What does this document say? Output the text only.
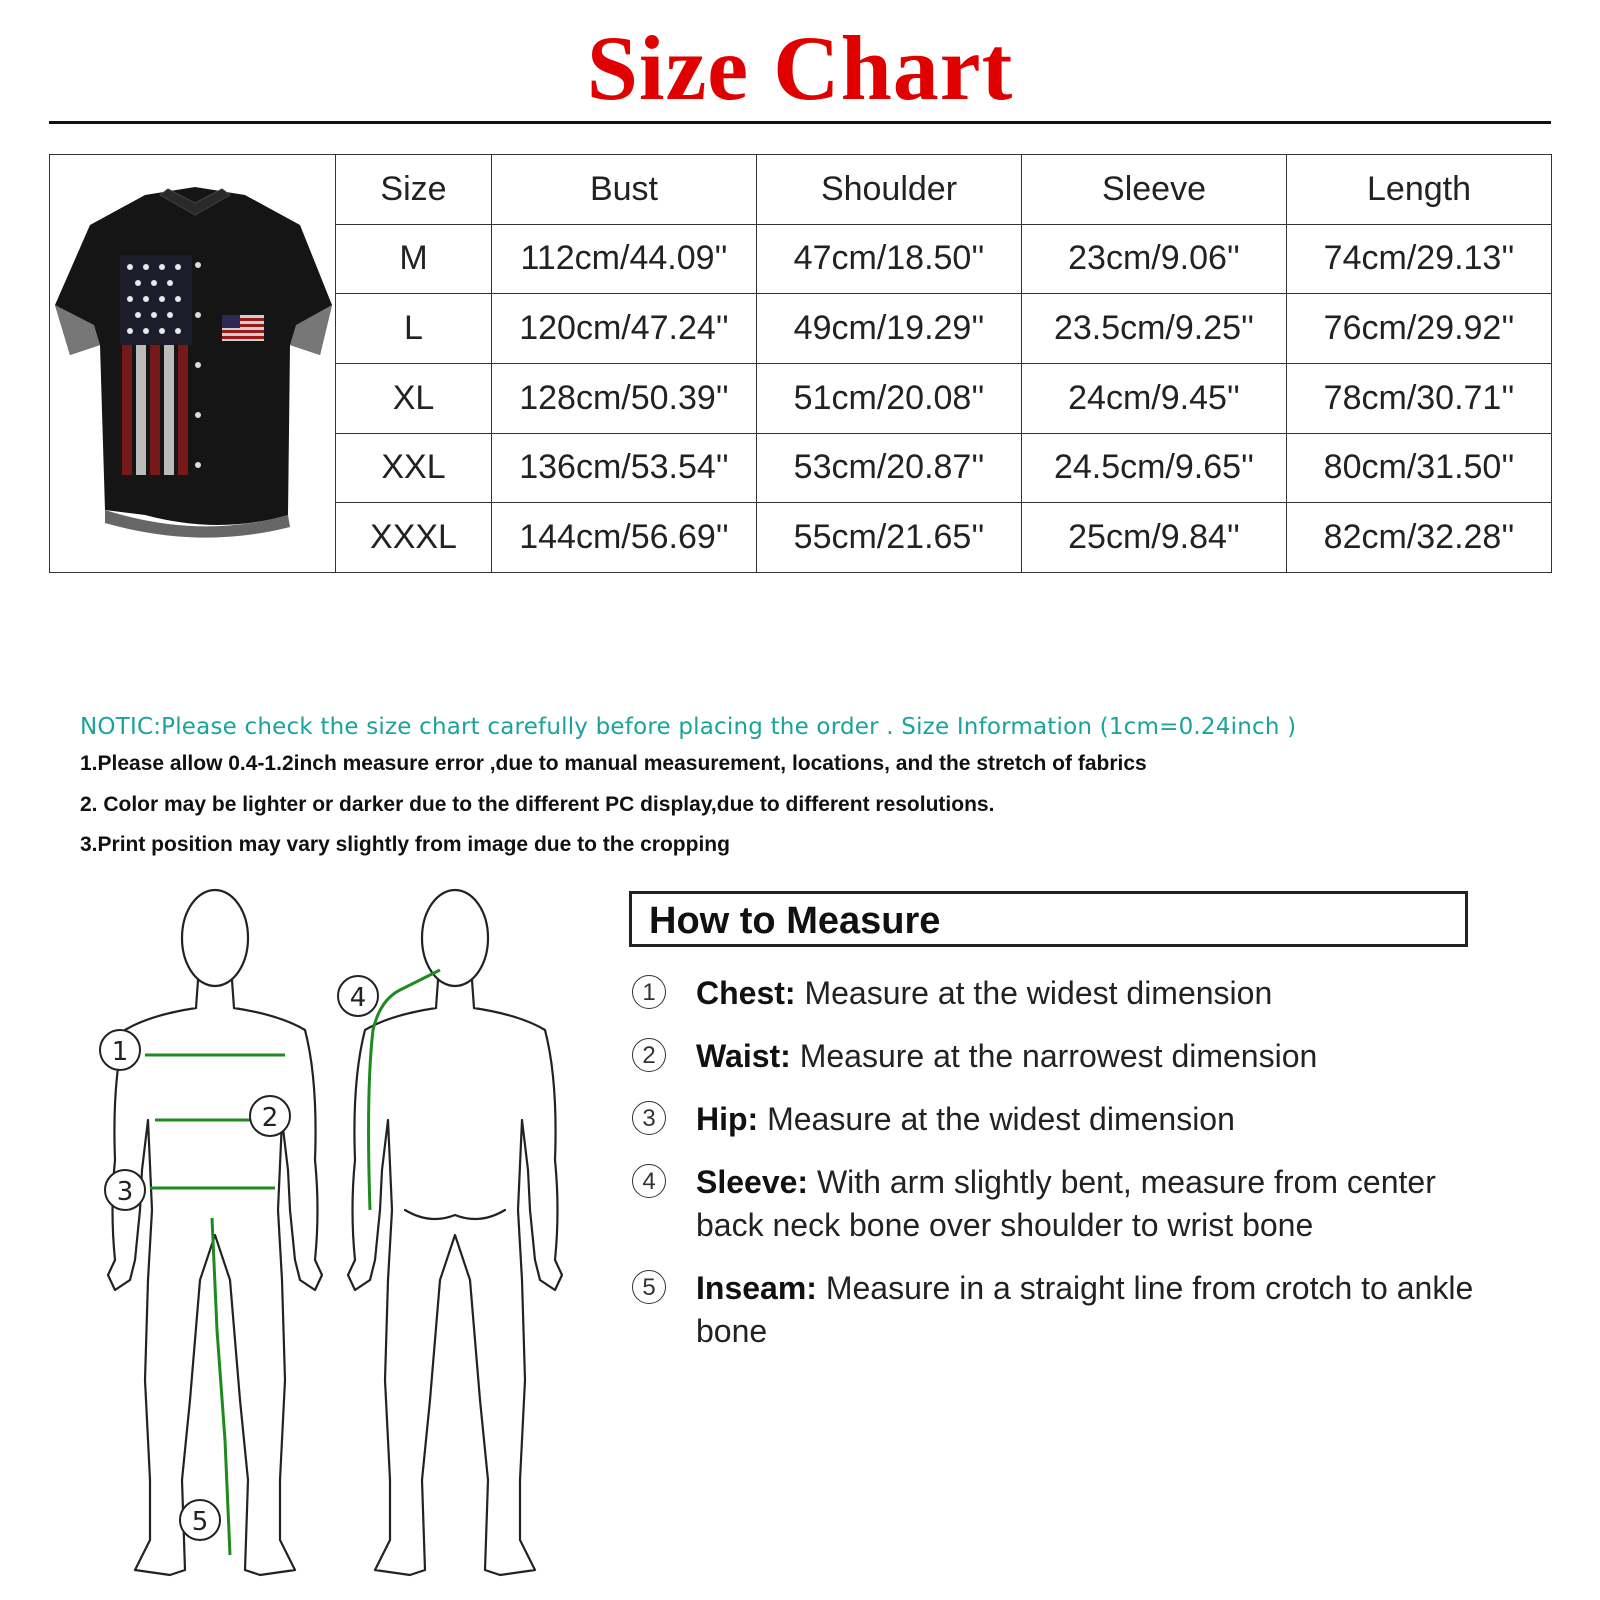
Size Chart
	Size	Bust	Shoulder	Sleeve	Length
	M	112cm/44.09''	47cm/18.50''	23cm/9.06''	74cm/29.13''
	L	120cm/47.24''	49cm/19.29''	23.5cm/9.25''	76cm/29.92''
	XL	128cm/50.39''	51cm/20.08''	24cm/9.45''	78cm/30.71''
	XXL	136cm/53.54''	53cm/20.87''	24.5cm/9.65''	80cm/31.50''
	XXXL	144cm/56.69''	55cm/21.65''	25cm/9.84''	82cm/32.28''
NOTIC:Please check the size chart carefully before placing the order . Size Information (1cm=0.24inch )
1.Please allow 0.4-1.2inch measure error ,due to manual measurement, locations, and the stretch of fabrics
2. Color may be lighter or darker due to the different PC display,due to different resolutions.
3.Print position may vary slightly from image due to the cropping
1
2
3
4
5
How to Measure
1	Chest: Measure at the widest dimension
2	Waist: Measure at the narrowest dimension
3	Hip: Measure at the widest dimension
4	Sleeve: With arm slightly bent, measure from center back neck bone over shoulder to wrist bone
5	Inseam: Measure in a straight line from crotch to ankle bone
